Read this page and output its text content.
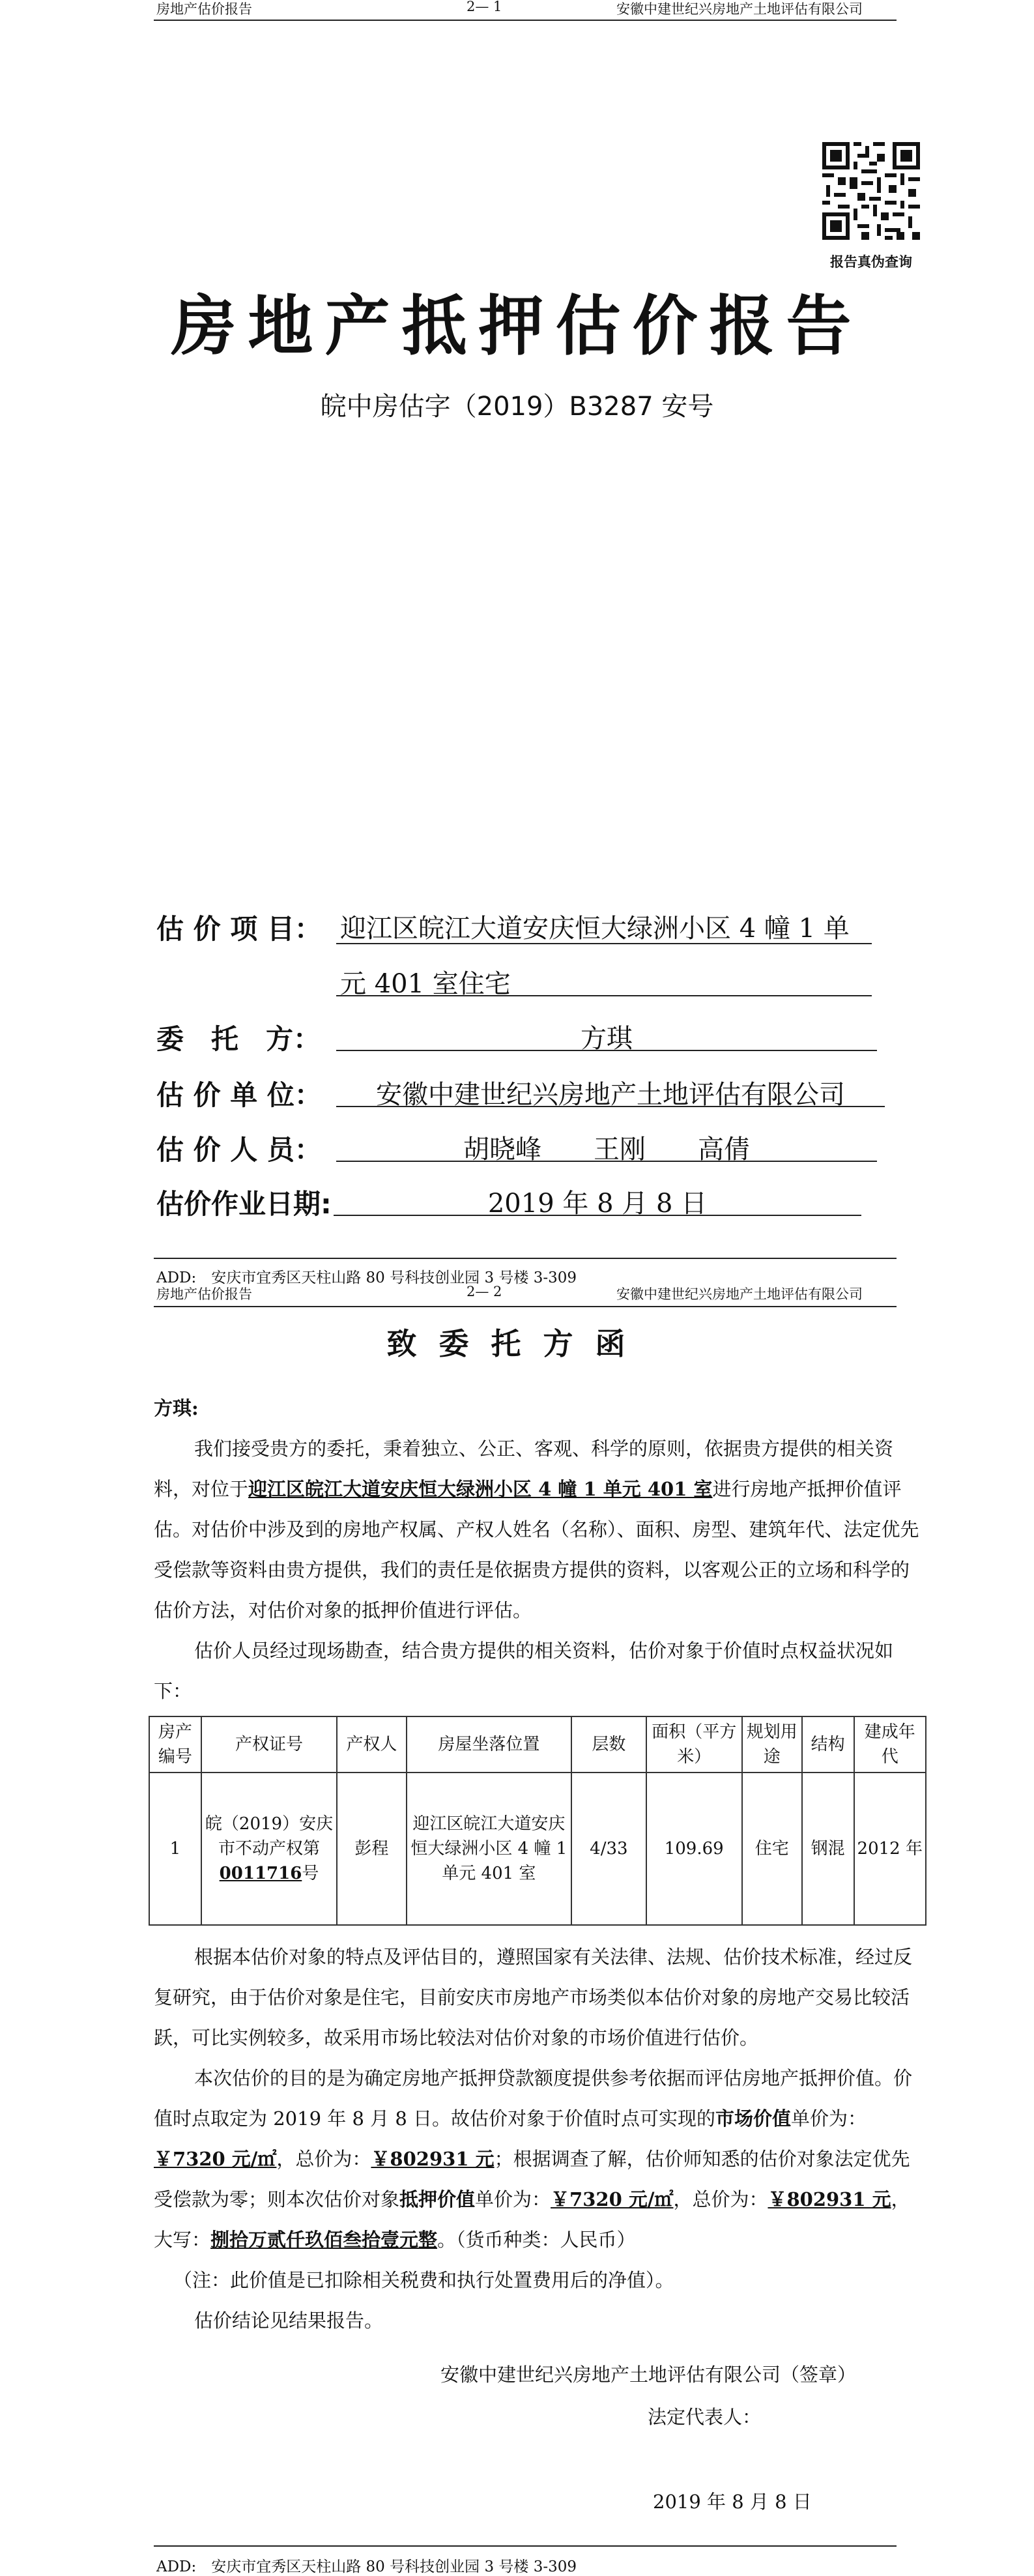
房地产估价报告	2— 1	安徽中建世纪兴房地产土地评估有限公司
报告真伪查询
房地产抵押估价报告
皖中房估字（2019）B3287 安号
估 价 项 目： 迎江区皖江大道安庆恒大绿洲小区 4 幢 1 单
元 401 室住宅
委　托　方：	方琪
估 价 单 位：	安徽中建世纪兴房地产土地评估有限公司
估 价 人 员：	胡晓峰　　王刚　　高倩
估价作业日期:	2019 年 8 月 8 日
ADD:　安庆市宜秀区天柱山路 80 号科技创业园 3 号楼 3-309
房地产估价报告	2— 2	安徽中建世纪兴房地产土地评估有限公司
致委托方函

方琪:

我们接受贵方的委托，秉着独立、公正、客观、科学的原则，依据贵方提供的相关资料，对位于迎江区皖江大道安庆恒大绿洲小区 4 幢 1 单元 401 室进行房地产抵押价值评估。对估价中涉及到的房地产权属、产权人姓名（名称）、面积、房型、建筑年代、法定优先受偿款等资料由贵方提供，我们的责任是依据贵方提供的资料，以客观公正的立场和科学的估价方法，对估价对象的抵押价值进行评估。

估价人员经过现场勘查，结合贵方提供的相关资料，估价对象于价值时点权益状况如下：

房产编号	产权证号	产权人	房屋坐落位置	层数	面积（平方米）	规划用途	结构	建成年代
1	皖（2019）安庆市不动产权第0011716号	彭程	迎江区皖江大道安庆恒大绿洲小区 4 幢 1 单元 401 室	4/33	109.69	住宅	钢混	2012 年

根据本估价对象的特点及评估目的，遵照国家有关法律、法规、估价技术标准，经过反复研究，由于估价对象是住宅，目前安庆市房地产市场类似本估价对象的房地产交易比较活跃，可比实例较多，故采用市场比较法对估价对象的市场价值进行估价。

本次估价的目的是为确定房地产抵押贷款额度提供参考依据而评估房地产抵押价值。价值时点取定为 2019 年 8 月 8 日。故估价对象于价值时点可实现的市场价值单价为：￥7320 元/㎡，总价为：￥802931 元；根据调查了解，估价师知悉的估价对象法定优先受偿款为零；则本次估价对象抵押价值单价为：￥7320 元/㎡，总价为：￥802931 元，大写：捌拾万贰仟玖佰叁拾壹元整。（货币种类：人民币）

（注：此价值是已扣除相关税费和执行处置费用后的净值）。

估价结论见结果报告。

安徽中建世纪兴房地产土地评估有限公司（签章）
法定代表人：
2019 年 8 月 8 日
ADD:　安庆市宜秀区天柱山路 80 号科技创业园 3 号楼 3-309
